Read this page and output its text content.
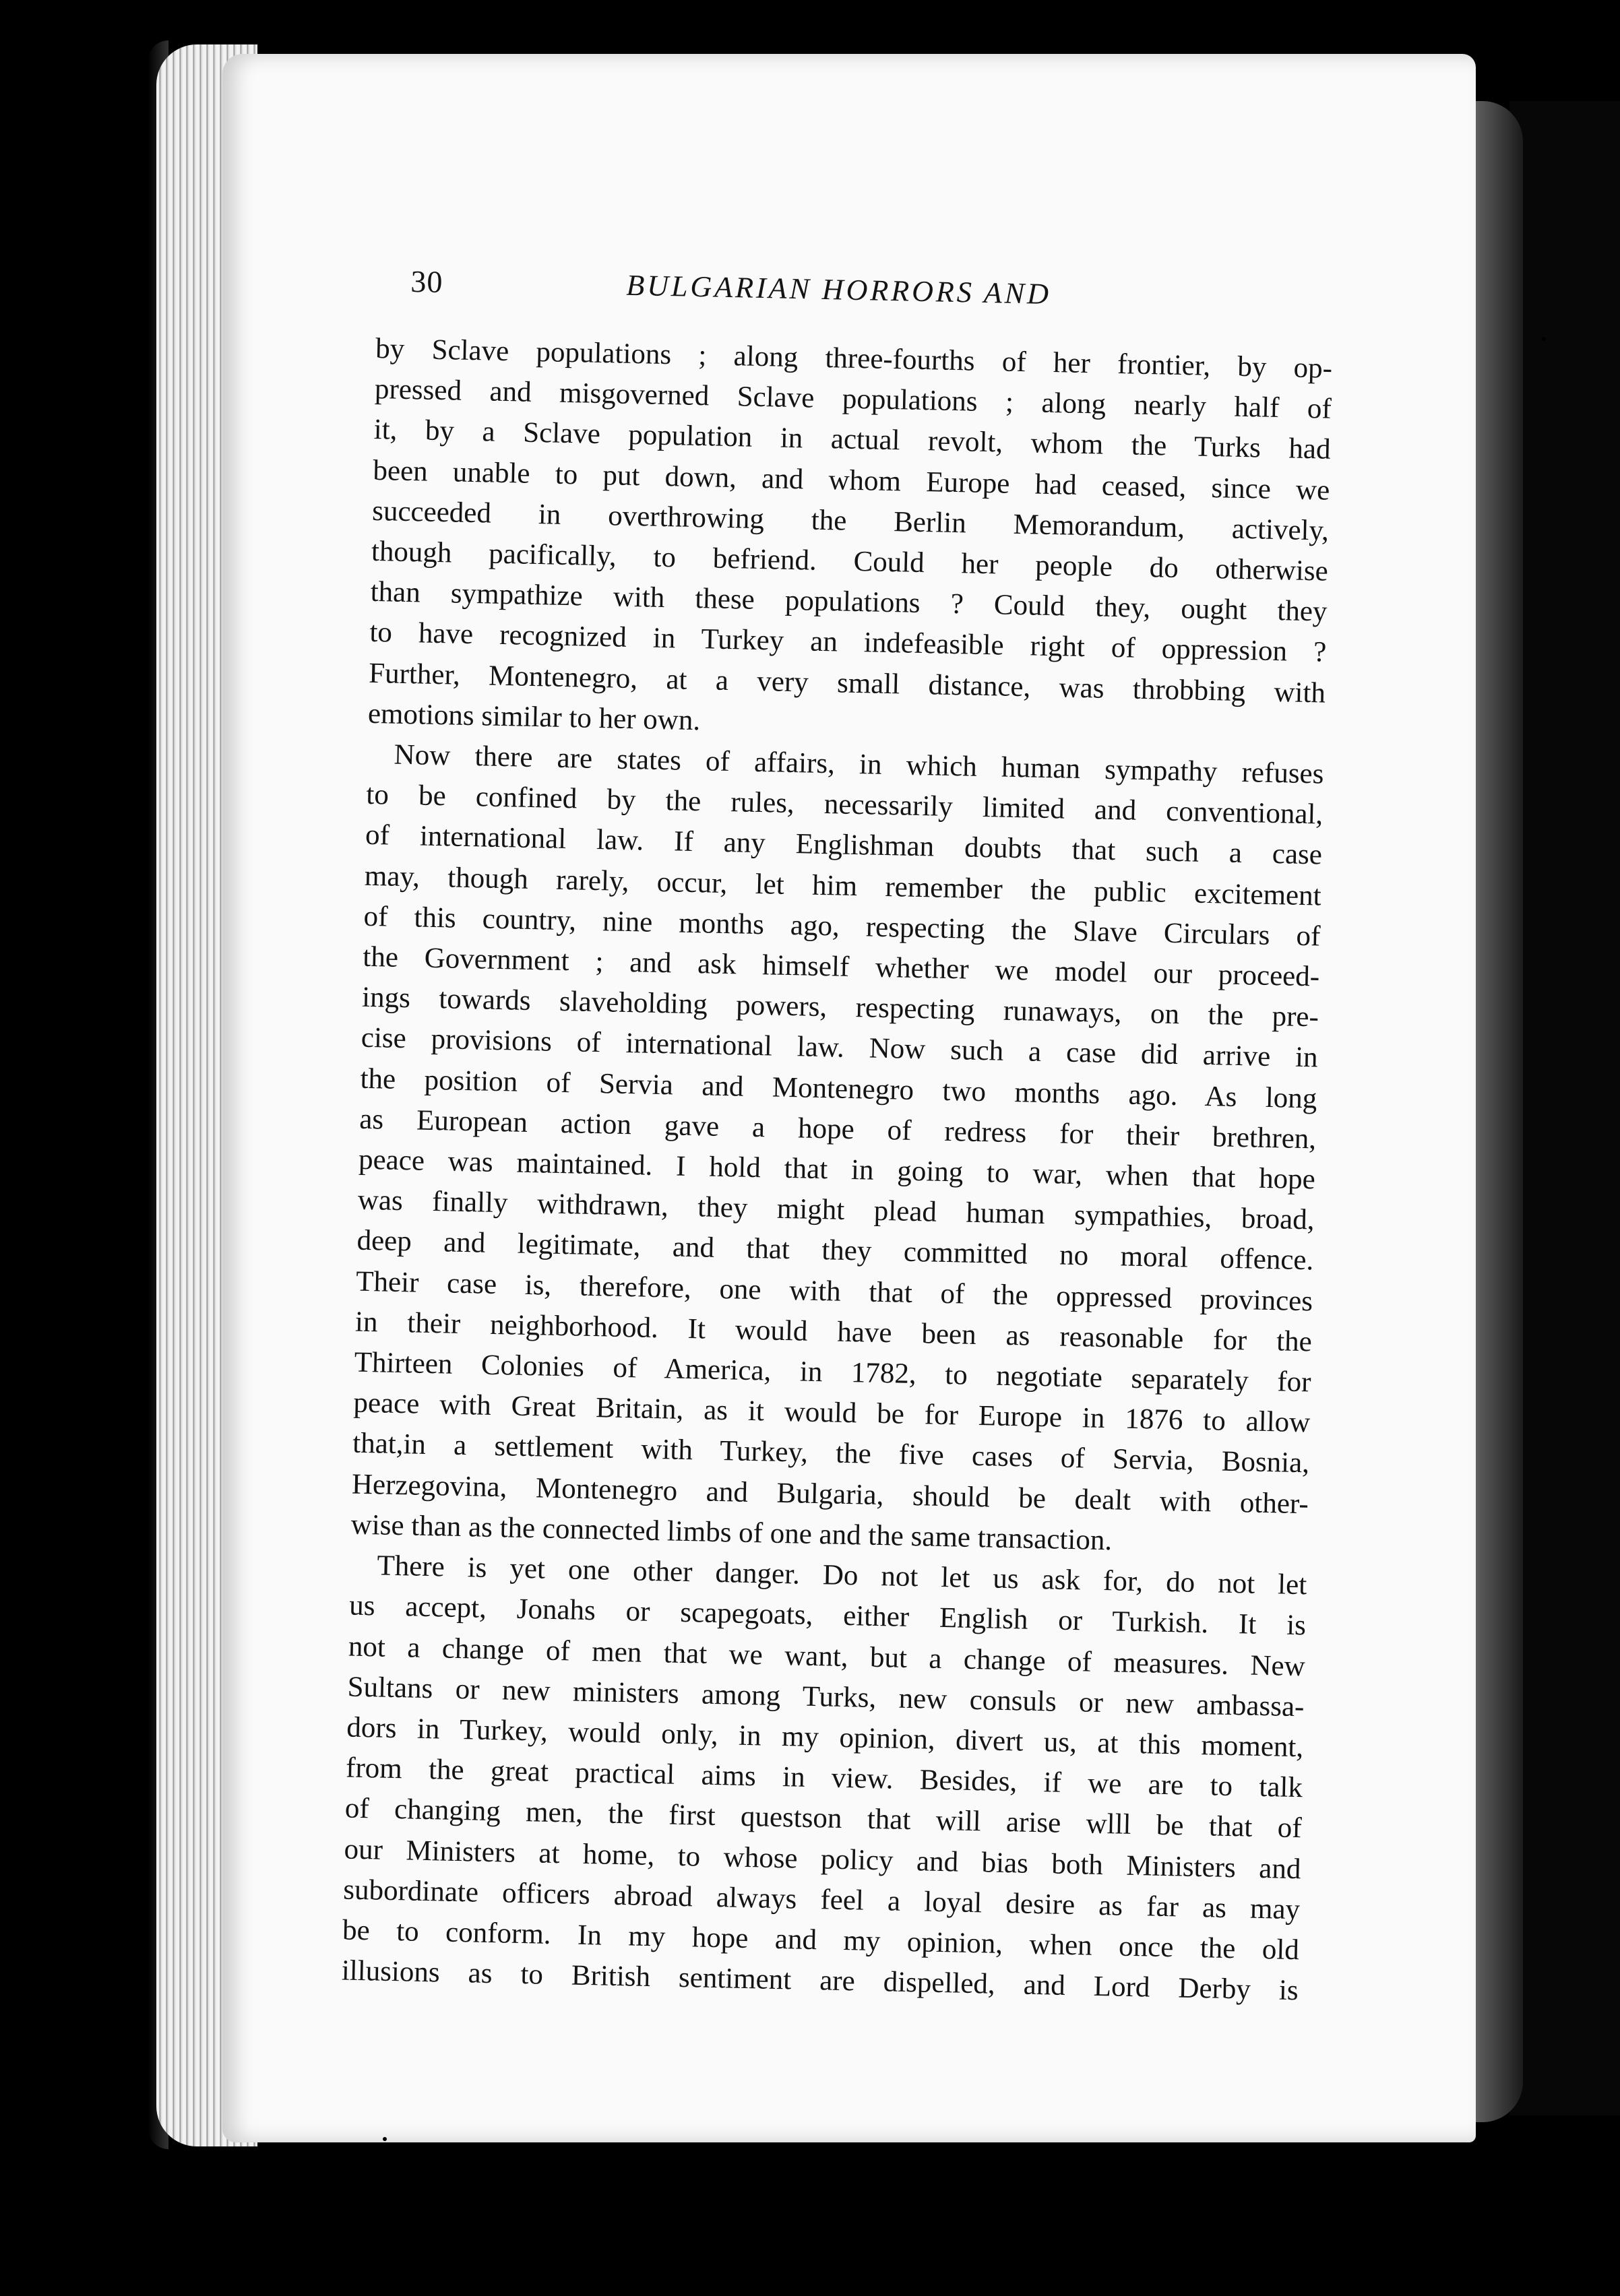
30	BULGARIAN HORRORS AND

by Sclave populations ; along three-fourths of her frontier, by op-
pressed and misgoverned Sclave populations ; along nearly half of
it, by a Sclave population in actual revolt, whom the Turks had
been unable to put down, and whom Europe had ceased, since we
succeeded in overthrowing the Berlin Memorandum, actively,
though pacifically, to befriend. Could her people do otherwise
than sympathize with these populations ? Could they, ought they
to have recognized in Turkey an indefeasible right of oppression ?
Further, Montenegro, at a very small distance, was throbbing with
emotions similar to her own.

Now there are states of affairs, in which human sympathy refuses
to be confined by the rules, necessarily limited and conventional,
of international law. If any Englishman doubts that such a case
may, though rarely, occur, let him remember the public excitement
of this country, nine months ago, respecting the Slave Circulars of
the Government ; and ask himself whether we model our proceed-
ings towards slaveholding powers, respecting runaways, on the pre-
cise provisions of international law. Now such a case did arrive in
the position of Servia and Montenegro two months ago. As long
as European action gave a hope of redress for their brethren,
peace was maintained. I hold that in going to war, when that hope
was finally withdrawn, they might plead human sympathies, broad,
deep and legitimate, and that they committed no moral offence.
Their case is, therefore, one with that of the oppressed provinces
in their neighborhood. It would have been as reasonable for the
Thirteen Colonies of America, in 1782, to negotiate separately for
peace with Great Britain, as it would be for Europe in 1876 to allow
that,in a settlement with Turkey, the five cases of Servia, Bosnia,
Herzegovina, Montenegro and Bulgaria, should be dealt with other-
wise than as the connected limbs of one and the same transaction.

There is yet one other danger. Do not let us ask for, do not let
us accept, Jonahs or scapegoats, either English or Turkish. It is
not a change of men that we want, but a change of measures. New
Sultans or new ministers among Turks, new consuls or new ambassa-
dors in Turkey, would only, in my opinion, divert us, at this moment,
from the great practical aims in view. Besides, if we are to talk
of changing men, the first questson that will arise wlll be that of
our Ministers at home, to whose policy and bias both Ministers and
subordinate officers abroad always feel a loyal desire as far as may
be to conform. In my hope and my opinion, when once the old
illusions as to British sentiment are dispelled, and Lord Derby is
